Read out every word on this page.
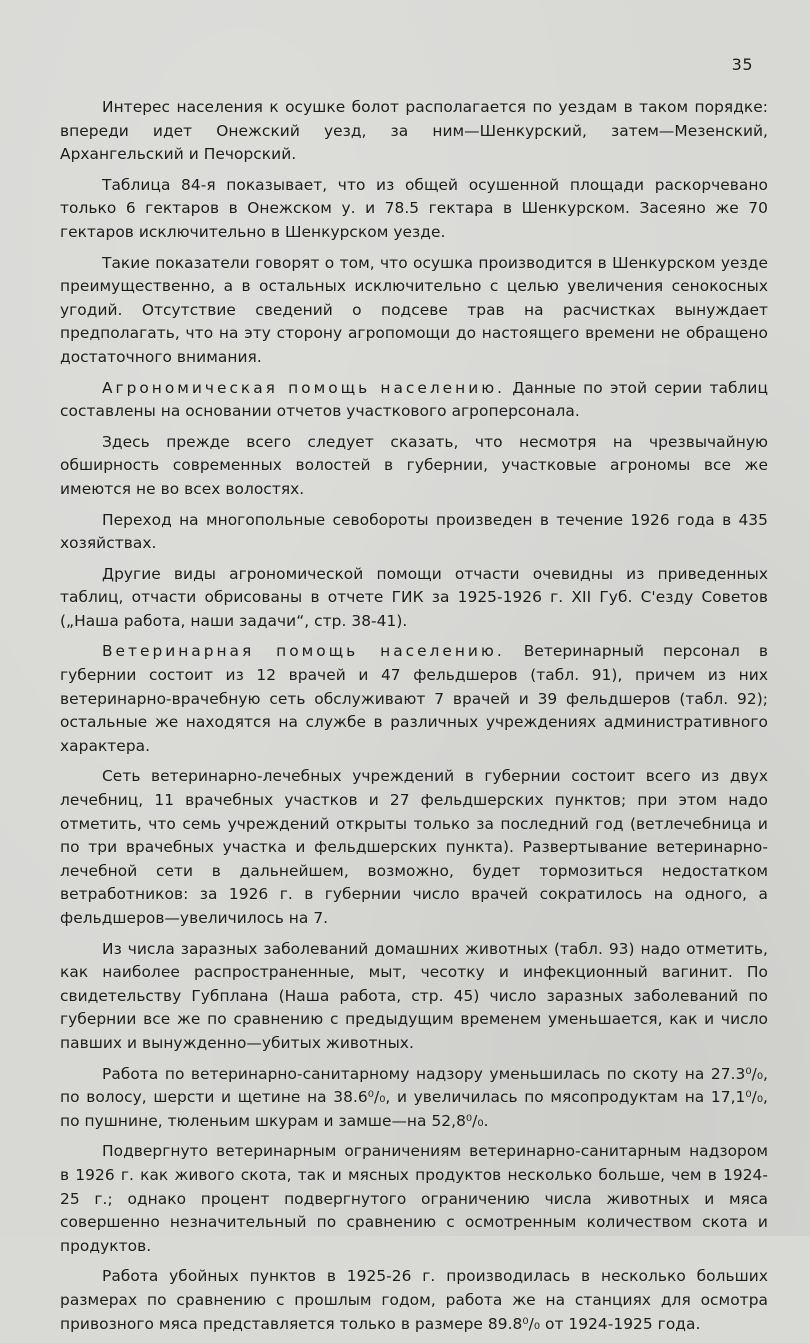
35

Интерес населения к осушке болот располагается по уездам в таком порядке: впереди идет Онежский уезд, за ним—Шенкурский, затем—Мезенский, Архангельский и Печорский.

Таблица 84-я показывает, что из общей осушенной площади раскорчевано только 6 гектаров в Онежском у. и 78.5 гектара в Шенкурском. Засеяно же 70 гектаров исключительно в Шенкурском уезде.

Такие показатели говорят о том, что осушка производится в Шенкурском уезде преимущественно, а в остальных исключительно с целью увеличения сенокосных угодий. Отсутствие сведений о подсеве трав на расчистках вынуждает предполагать, что на эту сторону агропомощи до настоящего времени не обращено достаточного внимания.

Агрономическая помощь населению. Данные по этой серии таблиц составлены на основании отчетов участкового агроперсонала.

Здесь прежде всего следует сказать, что несмотря на чрезвычайную обширность современных волостей в губернии, участковые агрономы все же имеются не во всех волостях.

Переход на многопольные севобороты произведен в течение 1926 года в 435 хозяйствах.

Другие виды агрономической помощи отчасти очевидны из приведенных таблиц, отчасти обрисованы в отчете ГИК за 1925-1926 г. XII Губ. С'езду Советов („Наша работа, наши задачи“, стр. 38-41).

Ветеринарная помощь населению. Ветеринарный персонал в губернии состоит из 12 врачей и 47 фельдшеров (табл. 91), причем из них ветеринарно-врачебную сеть обслуживают 7 врачей и 39 фельдшеров (табл. 92); остальные же находятся на службе в различных учреждениях административного характера.

Сеть ветеринарно-лечебных учреждений в губернии состоит всего из двух лечебниц, 11 врачебных участков и 27 фельдшерских пунктов; при этом надо отметить, что семь учреждений открыты только за последний год (ветлечебница и по три врачебных участка и фельдшерских пункта). Развертывание ветеринарно-лечебной сети в дальнейшем, возможно, будет тормозиться недостатком ветработников: за 1926 г. в губернии число врачей сократилось на одного, а фельдшеров—увеличилось на 7.

Из числа заразных заболеваний домашних животных (табл. 93) надо отметить, как наиболее распространенные, мыт, чесотку и инфекционный вагинит. По свидетельству Губплана (Наша работа, стр. 45) число заразных заболеваний по губернии все же по сравнению с предыдущим временем уменьшается, как и число павших и вынужденно—убитых животных.

Работа по ветеринарно-санитарному надзору уменьшилась по скоту на 27.3⁰/₀, по волосу, шерсти и щетине на 38.6⁰/₀, и увеличилась по мясопродуктам на 17,1⁰/₀, по пушнине, тюленьим шкурам и замше—на 52,8⁰/₀.

Подвергнуто ветеринарным ограничениям ветеринарно-санитарным надзором в 1926 г. как живого скота, так и мясных продуктов несколько больше, чем в 1924-25 г.; однако процент подвергнутого ограничению числа животных и мяса совершенно незначительный по сравнению с осмотренным количеством скота и продуктов.

Работа убойных пунктов в 1925-26 г. производилась в несколько больших размерах по сравнению с прошлым годом, работа же на станциях для осмотра привозного мяса представляется только в размере 89.8⁰/₀ от 1924-1925 года.
